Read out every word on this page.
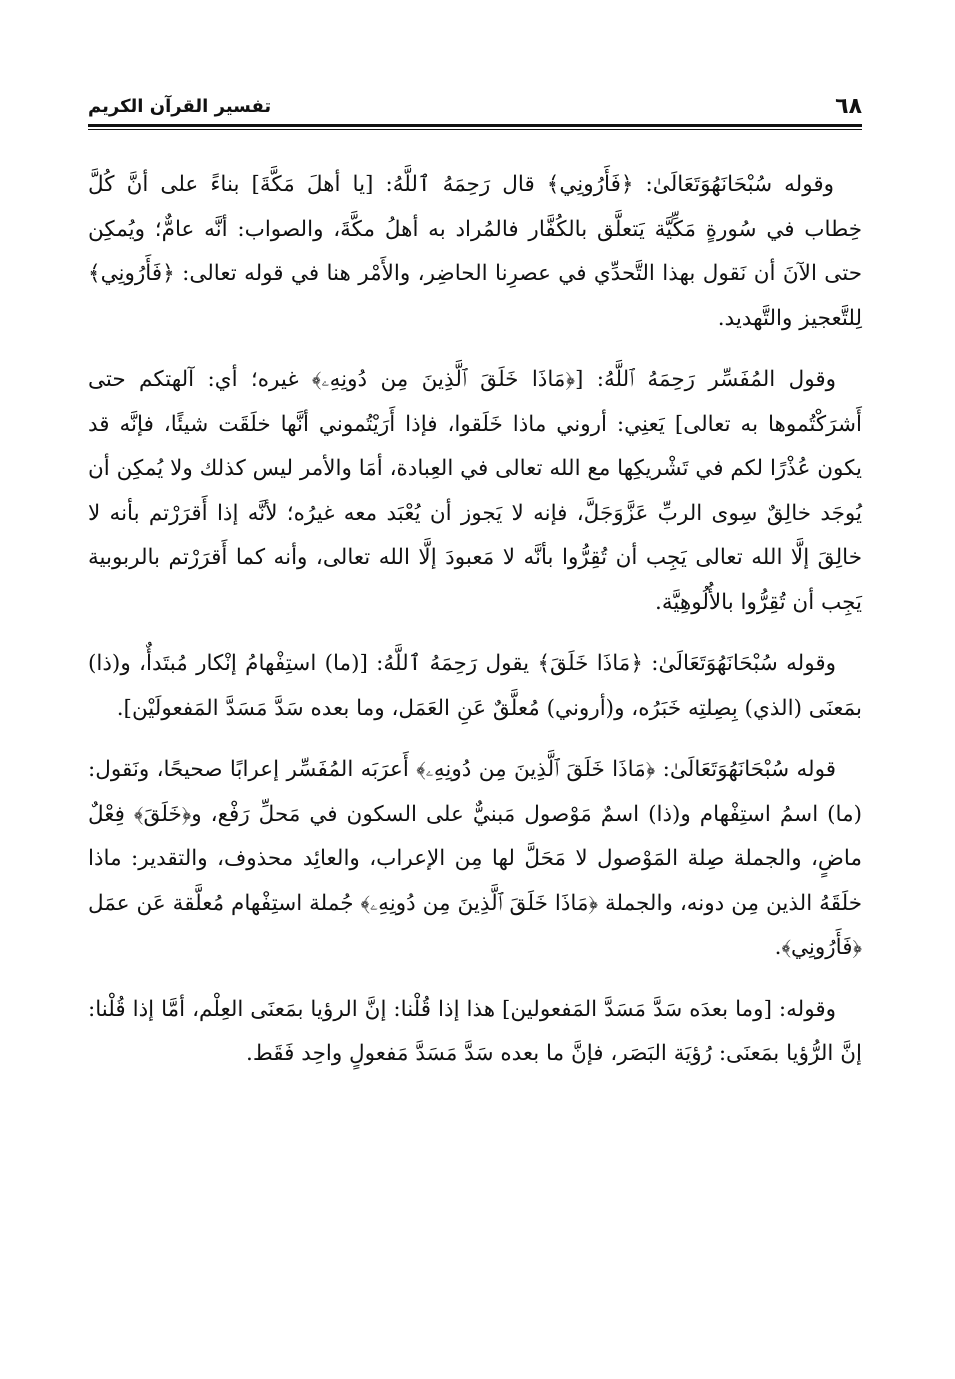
٦٨
تفسير القرآن الكريم

وقوله سُبْحَانَهُوَتَعَالَىٰ: ﴿فَأَرُونِي﴾ قال رَحِمَهُ ٱللَّهُ: [يا أهلَ مَكَّةَ] بناءً على أنَّ كُلَّ خِطاب في سُورةٍ مَكِّيَّة يَتعلَّق بالكُفَّار فالمُراد به أهلُ مكَّةَ، والصواب: أنَّه عامٌّ؛ ويُمكِن حتى الآنَ أن نَقول بهذا التَّحدِّي في عصرِنا الحاضِر، والأَمْر هنا في قوله تعالى: ﴿فَأَرُونِي﴾ لِلتَّعجيز والتَّهديد.

وقول المُفَسِّر رَحِمَهُ ٱللَّهُ: [﴿مَاذَا خَلَقَ ٱلَّذِينَ مِن دُونِهِۦ﴾ غيره؛ أي: آلهتكم حتى أَشرَكْتُموها به تعالى] يَعنِي: أروني ماذا خَلَقوا، فإذا أَرَيْتُموني أنَّها خلَقَت شيئًا، فإنَّه قد يكون عُذْرًا لكم في تَشْريكِها مع الله تعالى في العِبادة، أمَا والأمر ليس كذلك ولا يُمكِن أن يُوجَد خالِقٌ سِوى الربِّ عَزَّوَجَلَّ، فإنه لا يَجوز أن يُعْبَد معه غيرُه؛ لأنَّه إذا أَقرَرْتم بأنه لا خالِقَ إلَّا الله تعالى يَجِب أن تُقِرُّوا بأنَّه لا مَعبودَ إلَّا الله تعالى، وأنه كما أَقرَرْتم بالربوبية يَجِب أن تُقِرُّوا بالأُلُوهِيَّة.

وقوله سُبْحَانَهُوَتَعَالَىٰ: ﴿مَاذَا خَلَقَ﴾ يقول رَحِمَهُ ٱللَّهُ: [(ما) استِفْهامُ إنْكار مُبتَدأٌ، و(ذا) بمَعنَى (الذي) بِصِلتِه خَبَرُه، و(أروني) مُعلَّقٌ عَنِ العَمَل، وما بعده سَدَّ مَسَدَّ المَفعولَيْن].

قوله سُبْحَانَهُوَتَعَالَىٰ: ﴿مَاذَا خَلَقَ ٱلَّذِينَ مِن دُونِهِۦ﴾ أَعرَبَه المُفَسِّر إعرابًا صحيحًا، ونَقول: (ما) اسمُ استِفْهام و(ذا) اسمٌ مَوْصول مَبنيٌّ على السكون في مَحلِّ رَفْع، و﴿خَلَقَ﴾ فِعْلٌ ماضٍ، والجملة صِلة المَوْصول لا مَحَلَّ لها مِن الإعراب، والعائِد محذوف، والتقدير: ماذا خلَقَهُ الذين مِن دونه، والجملة ﴿مَاذَا خَلَقَ ٱلَّذِينَ مِن دُونِهِۦ﴾ جُملة استِفْهام مُعلَّقة عَن عمَل ﴿فَأَرُونِي﴾.

وقوله: [وما بعدَه سَدَّ مَسَدَّ المَفعولين] هذا إذا قُلْنا: إنَّ الرؤيا بمَعنَى العِلْم، أمَّا إذا قُلْنا: إنَّ الرُّؤيا بمَعنَى: رُؤيَة البَصَر، فإنَّ ما بعده سَدَّ مَسَدَّ مَفعولٍ واحِد فَقَط.
